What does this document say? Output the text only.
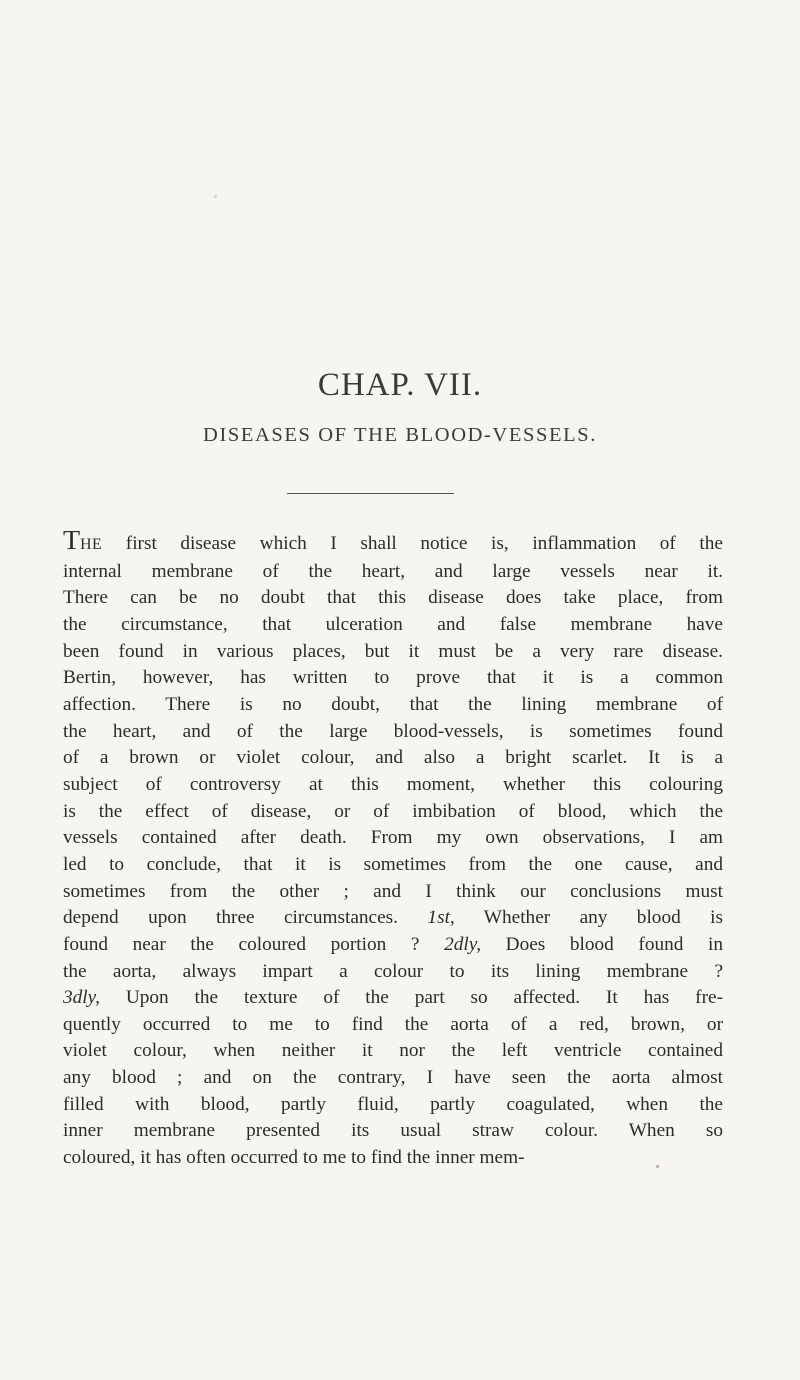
CHAP. VII.
DISEASES OF THE BLOOD-VESSELS.
THE first disease which I shall notice is, inflammation of the
internal membrane of the heart, and large vessels near it.
There can be no doubt that this disease does take place, from
the circumstance, that ulceration and false membrane have
been found in various places, but it must be a very rare disease.
Bertin, however, has written to prove that it is a common
affection. There is no doubt, that the lining membrane of
the heart, and of the large blood-vessels, is sometimes found
of a brown or violet colour, and also a bright scarlet. It is a
subject of controversy at this moment, whether this colouring
is the effect of disease, or of imbibation of blood, which the
vessels contained after death. From my own observations, I am
led to conclude, that it is sometimes from the one cause, and
sometimes from the other ; and I think our conclusions must
depend upon three circumstances. 1st, Whether any blood is
found near the coloured portion ? 2dly, Does blood found in
the aorta, always impart a colour to its lining membrane ?
3dly, Upon the texture of the part so affected. It has fre-
quently occurred to me to find the aorta of a red, brown, or
violet colour, when neither it nor the left ventricle contained
any blood ; and on the contrary, I have seen the aorta almost
filled with blood, partly fluid, partly coagulated, when the
inner membrane presented its usual straw colour. When so
coloured, it has often occurred to me to find the inner mem-
